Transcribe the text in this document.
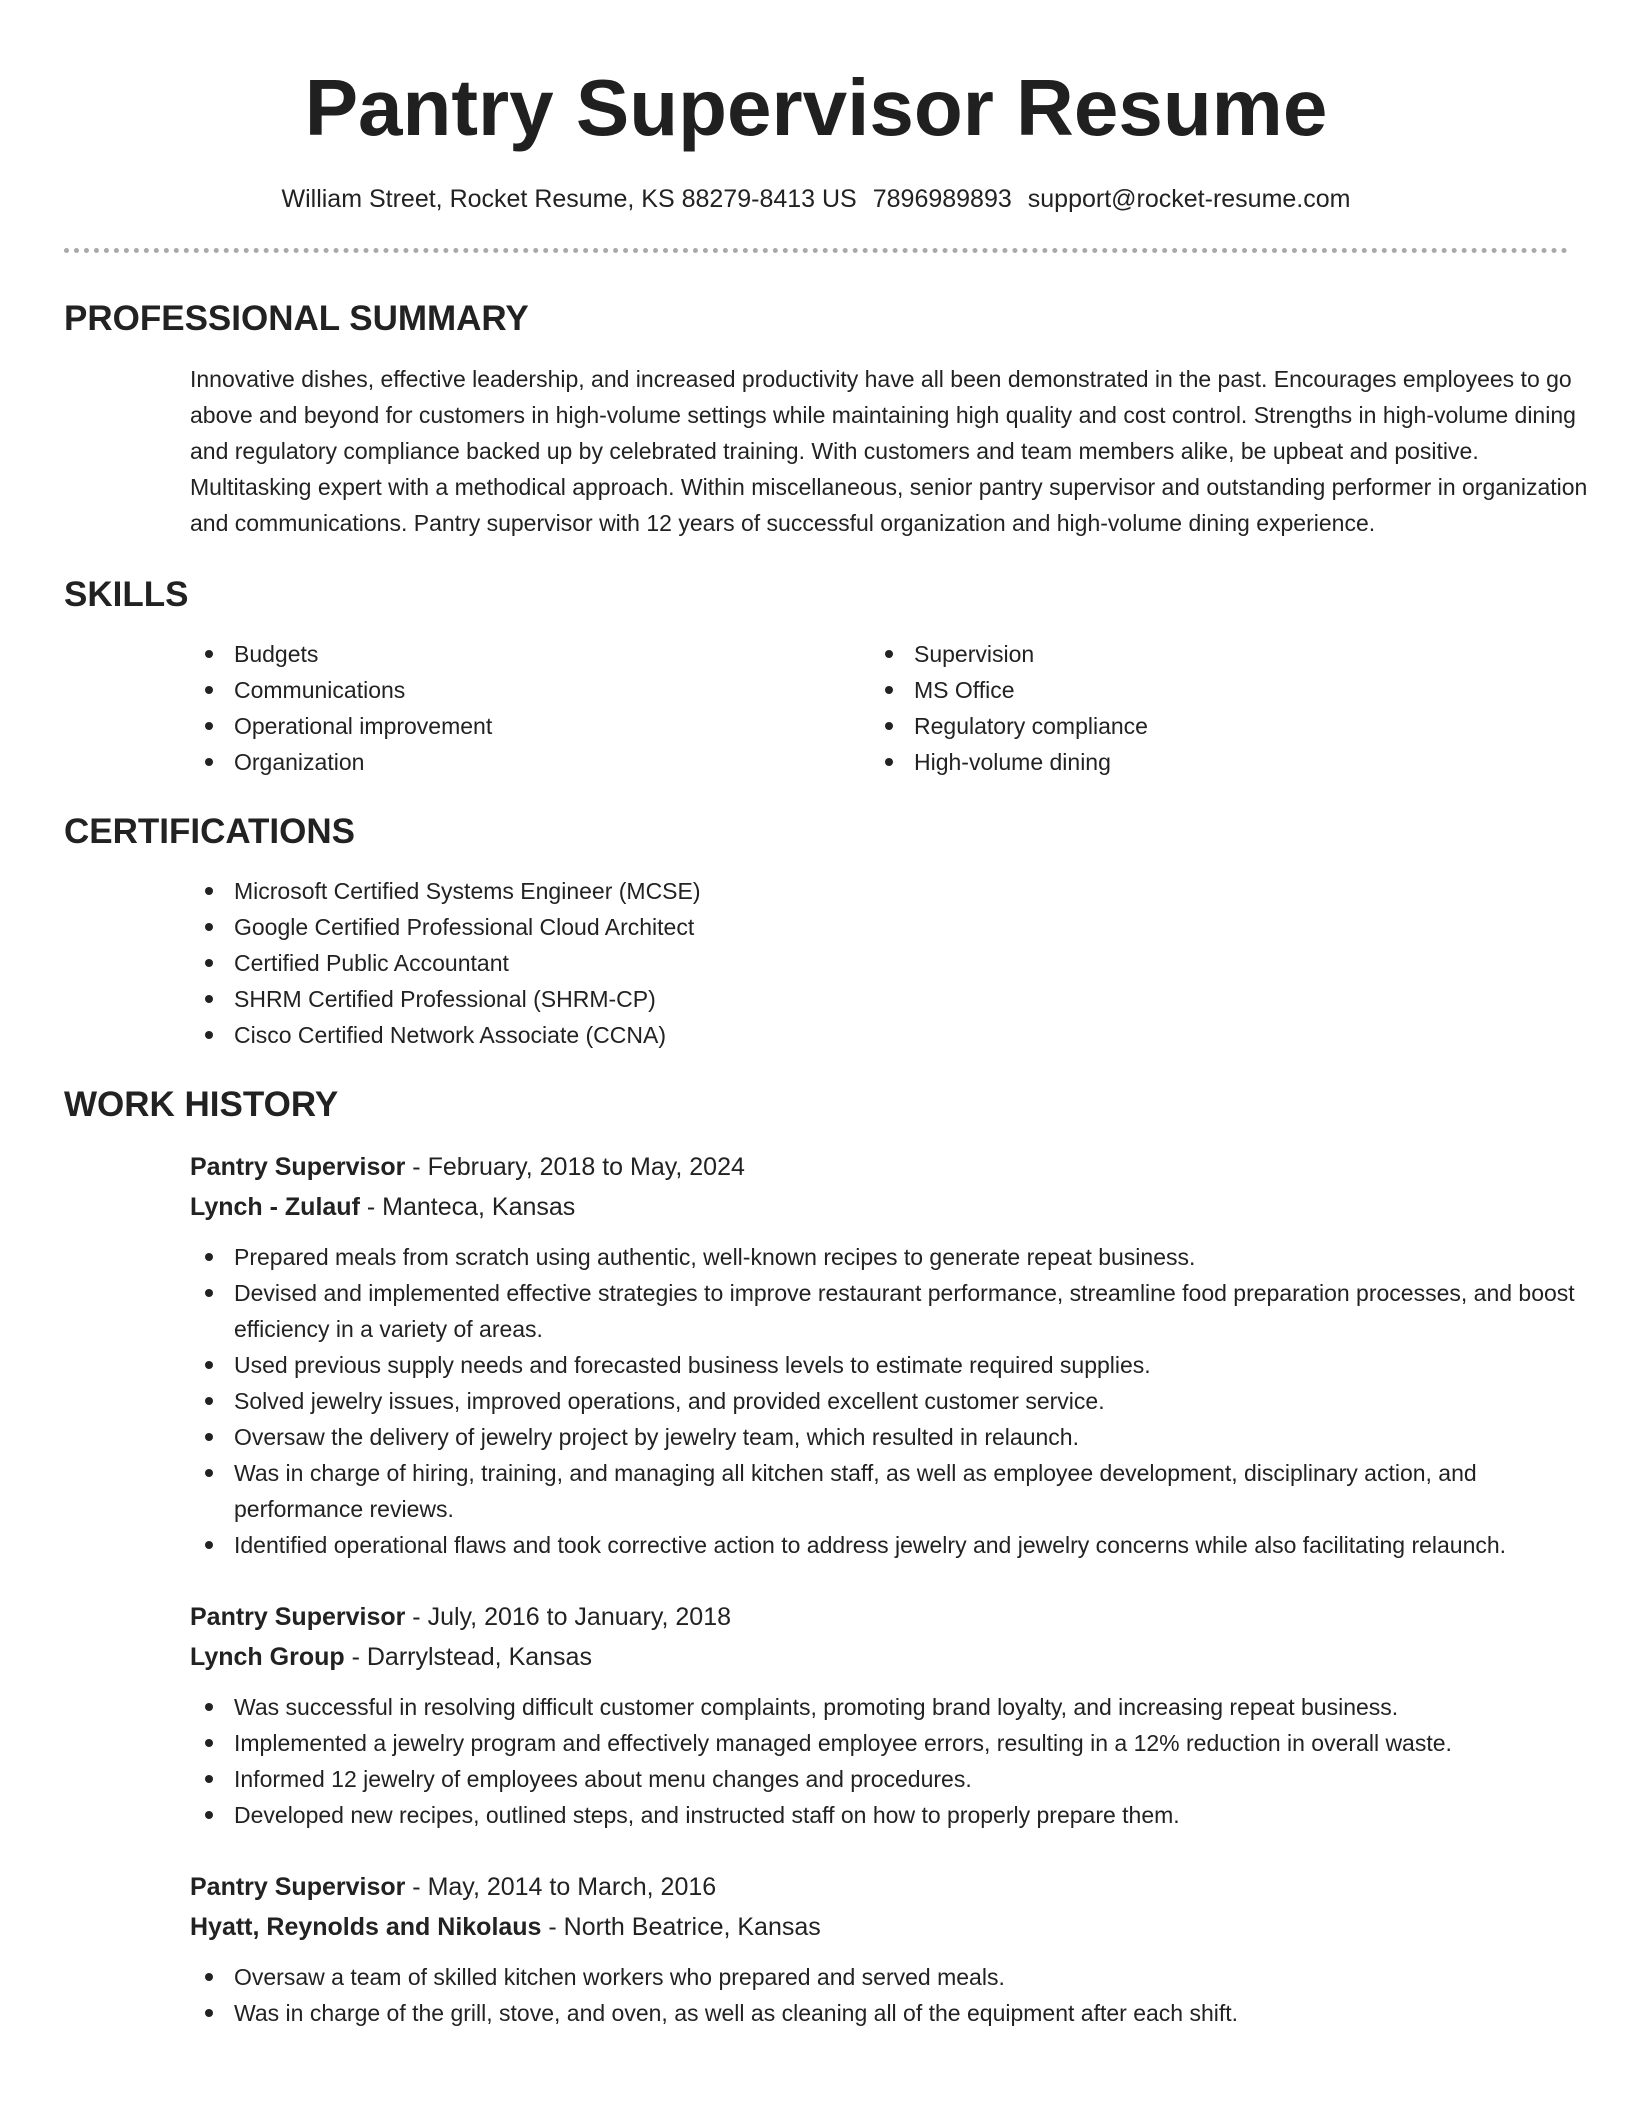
Pantry Supervisor Resume
William Street, Rocket Resume, KS 88279-8413 US 7896989893 support@rocket-resume.com
PROFESSIONAL SUMMARY

Innovative dishes, effective leadership, and increased productivity have all been demonstrated in the past. Encourages employees to go above and beyond for customers in high-volume settings while maintaining high quality and cost control. Strengths in high-volume dining and regulatory compliance backed up by celebrated training. With customers and team members alike, be upbeat and positive. Multitasking expert with a methodical approach. Within miscellaneous, senior pantry supervisor and outstanding performer in organization and communications. Pantry supervisor with 12 years of successful organization and high-volume dining experience.

SKILLS
Budgets
Communications
Operational improvement
Organization
Supervision
MS Office
Regulatory compliance
High-volume dining
CERTIFICATIONS
Microsoft Certified Systems Engineer (MCSE)
Google Certified Professional Cloud Architect
Certified Public Accountant
SHRM Certified Professional (SHRM-CP)
Cisco Certified Network Associate (CCNA)
WORK HISTORY
Pantry Supervisor - February, 2018 to May, 2024
Lynch - Zulauf - Manteca, Kansas
Prepared meals from scratch using authentic, well-known recipes to generate repeat business.
Devised and implemented effective strategies to improve restaurant performance, streamline food preparation processes, and boost efficiency in a variety of areas.
Used previous supply needs and forecasted business levels to estimate required supplies.
Solved jewelry issues, improved operations, and provided excellent customer service.
Oversaw the delivery of jewelry project by jewelry team, which resulted in relaunch.
Was in charge of hiring, training, and managing all kitchen staff, as well as employee development, disciplinary action, and performance reviews.
Identified operational flaws and took corrective action to address jewelry and jewelry concerns while also facilitating relaunch.
Pantry Supervisor - July, 2016 to January, 2018
Lynch Group - Darrylstead, Kansas
Was successful in resolving difficult customer complaints, promoting brand loyalty, and increasing repeat business.
Implemented a jewelry program and effectively managed employee errors, resulting in a 12% reduction in overall waste.
Informed 12 jewelry of employees about menu changes and procedures.
Developed new recipes, outlined steps, and instructed staff on how to properly prepare them.
Pantry Supervisor - May, 2014 to March, 2016
Hyatt, Reynolds and Nikolaus - North Beatrice, Kansas
Oversaw a team of skilled kitchen workers who prepared and served meals.
Was in charge of the grill, stove, and oven, as well as cleaning all of the equipment after each shift.
